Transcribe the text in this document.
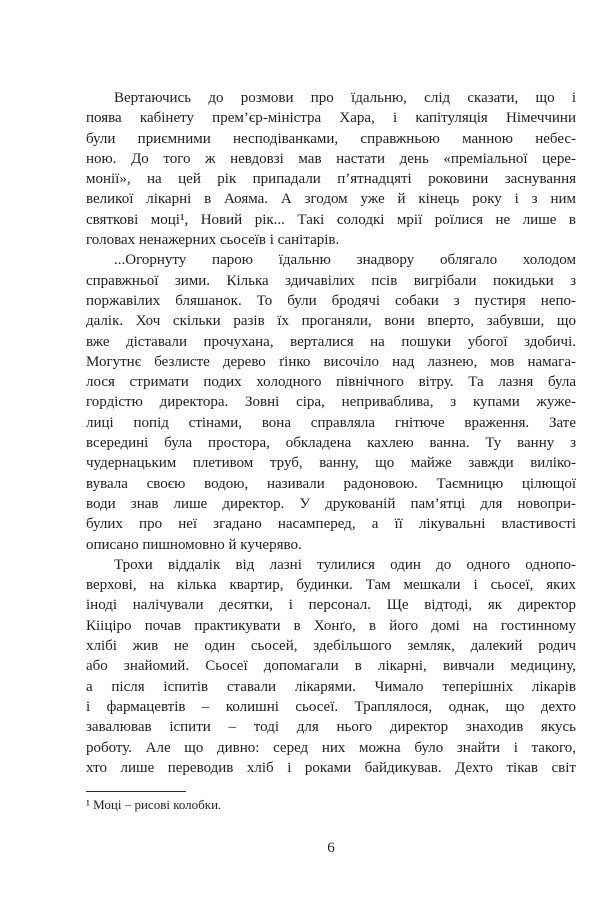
Вертаючись до розмови про їдальню, слід сказати, що і
поява кабінету прем’єр-міністра Хара, і капітуляція Німеччини
були приємними несподіванками, справжньою манною небес-
ною. До того ж невдовзі мав настати день «преміальної цере-
монії», на цей рік припадали п’ятнадцяті роковини заснування
великої лікарні в Аояма. А згодом уже й кінець року і з ним
святкові моці¹, Новий рік... Такі солодкі мрії роїлися не лише в
головах ненажерних сьосеїв і санітарів.
...Огорнуту парою їдальню знадвору облягало холодом
справжньої зими. Кілька здичавілих псів вигрібали покидьки з
поржавілих бляшанок. То були бродячі собаки з пустиря непо-
далік. Хоч скільки разів їх проганяли, вони вперто, забувши, що
вже діставали прочухана, верталися на пошуки убогої здобичі.
Могутнє безлисте дерево ґінко височіло над лазнею, мов намага-
лося стримати подих холодного північного вітру. Та лазня була
гордістю директора. Зовні сіра, неприваблива, з купами жуже-
лиці попід стінами, вона справляла гнітюче враження. Зате
всередині була простора, обкладена кахлею ванна. Ту ванну з
чудернацьким плетивом труб, ванну, що майже завжди виліко-
вувала своєю водою, називали радоновою. Таємницю цілющої
води знав лише директор. У друкованій пам’ятці для новопри-
булих про неї згадано насамперед, а її лікувальні властивості
описано пишномовно й кучеряво.
Трохи віддалік від лазні тулилися один до одного однопо-
верхові, на кілька квартир, будинки. Там мешкали і сьосеї, яких
іноді налічували десятки, і персонал. Ще відтоді, як директор
Кііціро почав практикувати в Хонґо, в його домі на гостинному
хлібі жив не один сьосей, здебільшого земляк, далекий родич
або знайомий. Сьосеї допомагали в лікарні, вивчали медицину,
а після іспитів ставали лікарями. Чимало теперішніх лікарів
і фармацевтів – колишні сьосеї. Траплялося, однак, що дехто
завалював іспити – тоді для нього директор знаходив якусь
роботу. Але що дивно: серед них можна було знайти і такого,
хто лише переводив хліб і роками байдикував. Дехто тікав світ
¹ Моці – рисові колобки.
6
